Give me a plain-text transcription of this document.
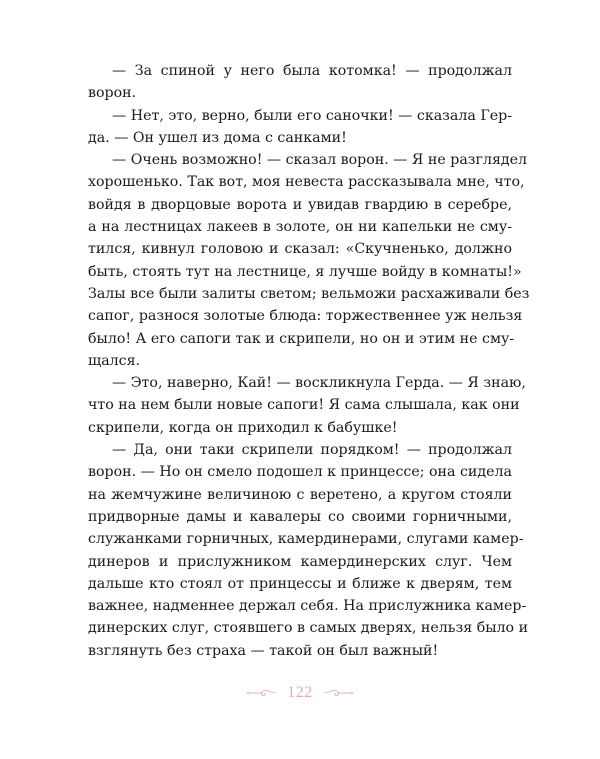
— За спиной у него была котомка! — продолжал
ворон.
— Нет, это, верно, были его саночки! — сказала Гер-
да. — Он ушел из дома с санками!
— Очень возможно! — сказал ворон. — Я не разглядел
хорошенько. Так вот, моя невеста рассказывала мне, что,
войдя в дворцовые ворота и увидав гвардию в серебре,
а на лестницах лакеев в золоте, он ни капельки не сму-
тился, кивнул головою и сказал: «Скучненько, должно
быть, стоять тут на лестнице, я лучше войду в комнаты!»
Залы все были залиты светом; вельможи расхаживали без
сапог, разнося золотые блюда: торжественнее уж нельзя
было! А его сапоги так и скрипели, но он и этим не сму-
щался.
— Это, наверно, Кай! — воскликнула Герда. — Я знаю,
что на нем были новые сапоги! Я сама слышала, как они
скрипели, когда он приходил к бабушке!
— Да, они таки скрипели порядком! — продолжал
ворон. — Но он смело подошел к принцессе; она сидела
на жемчужине величиною с веретено, а кругом стояли
придворные дамы и кавалеры со своими горничными,
служанками горничных, камердинерами, слугами камер-
динеров и прислужником камердинерских слуг. Чем
дальше кто стоял от принцессы и ближе к дверям, тем
важнее, надменнее держал себя. На прислужника камер-
динерских слуг, стоявшего в самых дверях, нельзя было и
взглянуть без страха — такой он был важный!
122
